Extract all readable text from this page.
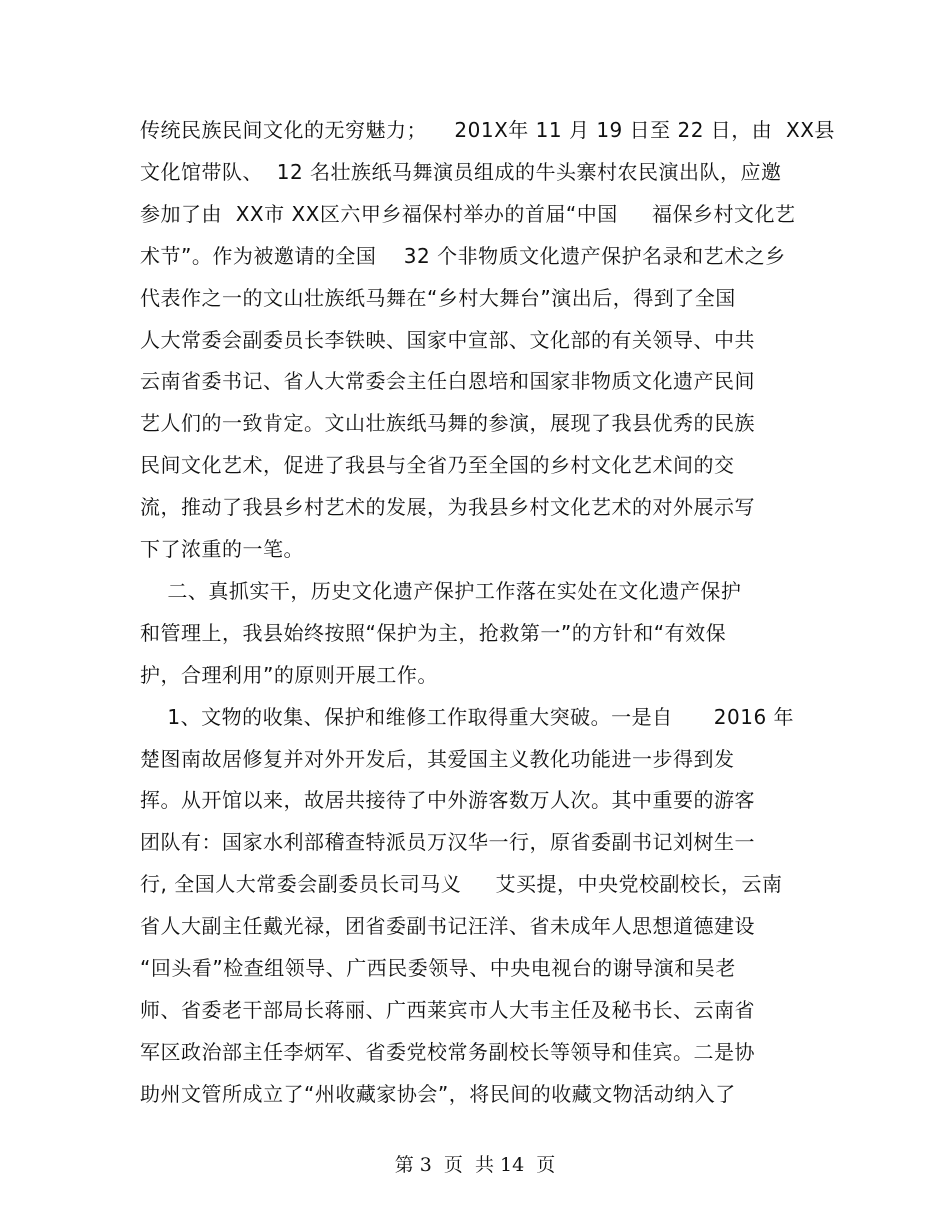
传统民族民间文化的无穷魅力；    201X年 11 月 19 日至 22 日，由  XX县
文化馆带队、  12 名壮族纸马舞演员组成的牛头寨村农民演出队，应邀
参加了由  XX市 XX区六甲乡福保村举办的首届“中国     福保乡村文化艺
术节”。作为被邀请的全国    32 个非物质文化遗产保护名录和艺术之乡
代表作之一的文山壮族纸马舞在“乡村大舞台”演出后，得到了全国
人大常委会副委员长李铁映、国家中宣部、文化部的有关领导、中共
云南省委书记、省人大常委会主任白恩培和国家非物质文化遗产民间
艺人们的一致肯定。文山壮族纸马舞的参演，展现了我县优秀的民族
民间文化艺术，促进了我县与全省乃至全国的乡村文化艺术间的交
流，推动了我县乡村艺术的发展，为我县乡村文化艺术的对外展示写
下了浓重的一笔。
二、真抓实干，历史文化遗产保护工作落在实处在文化遗产保护
和管理上，我县始终按照“保护为主，抢救第一”的方针和“有效保
护，合理利用”的原则开展工作。
1、文物的收集、保护和维修工作取得重大突破。一是自      2016 年
楚图南故居修复并对外开发后，其爱国主义教化功能进一步得到发
挥。从开馆以来，故居共接待了中外游客数万人次。其中重要的游客
团队有：国家水利部稽查特派员万汉华一行，原省委副书记刘树生一
行, 全国人大常委会副委员长司马义     艾买提，中央党校副校长，云南
省人大副主任戴光禄，团省委副书记汪洋、省未成年人思想道德建设
“回头看”检查组领导、广西民委领导、中央电视台的谢导演和吴老
师、省委老干部局长蒋丽、广西莱宾市人大韦主任及秘书长、云南省
军区政治部主任李炳军、省委党校常务副校长等领导和佳宾。二是协
助州文管所成立了“州收藏家协会”，将民间的收藏文物活动纳入了
第 3  页  共 14  页
